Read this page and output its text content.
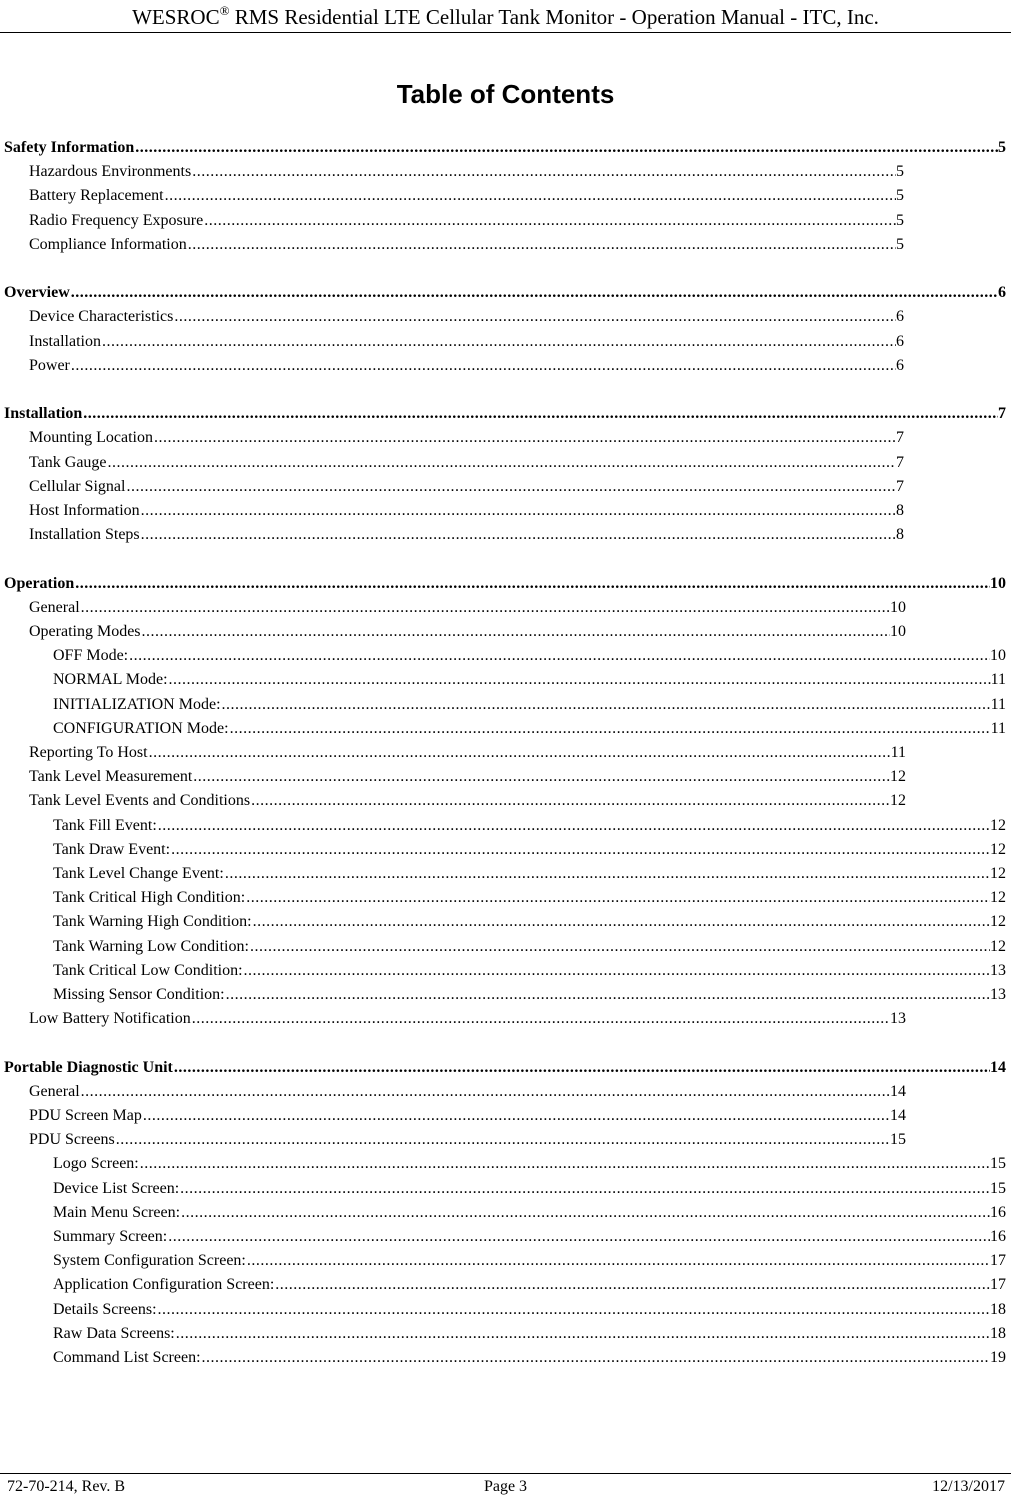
WESROC® RMS Residential LTE Cellular Tank Monitor - Operation Manual - ITC, Inc.
Table of Contents
Safety Information .....	5
Hazardous Environments .....	5
Battery Replacement .....	5
Radio Frequency Exposure .....	5
Compliance Information .....	5
Overview .....	6
Device Characteristics .....	6
Installation .....	6
Power .....	6
Installation .....	7
Mounting Location .....	7
Tank Gauge .....	7
Cellular Signal .....	7
Host Information .....	8
Installation Steps .....	8
Operation .....	10
General .....	10
Operating Modes .....	10
OFF Mode: .....	10
NORMAL Mode: .....	11
INITIALIZATION Mode: .....	11
CONFIGURATION Mode: .....	11
Reporting To Host .....	11
Tank Level Measurement .....	12
Tank Level Events and Conditions .....	12
Tank Fill Event: .....	12
Tank Draw Event: .....	12
Tank Level Change Event: .....	12
Tank Critical High Condition: .....	12
Tank Warning High Condition: .....	12
Tank Warning Low Condition: .....	12
Tank Critical Low Condition: .....	13
Missing Sensor Condition: .....	13
Low Battery Notification .....	13
Portable Diagnostic Unit .....	14
General .....	14
PDU Screen Map .....	14
PDU Screens .....	15
Logo Screen: .....	15
Device List Screen: .....	15
Main Menu Screen: .....	16
Summary Screen: .....	16
System Configuration Screen: .....	17
Application Configuration Screen: .....	17
Details Screens: .....	18
Raw Data Screens: .....	18
Command List Screen: .....	19
72-70-214, Rev. B	Page 3	12/13/2017
